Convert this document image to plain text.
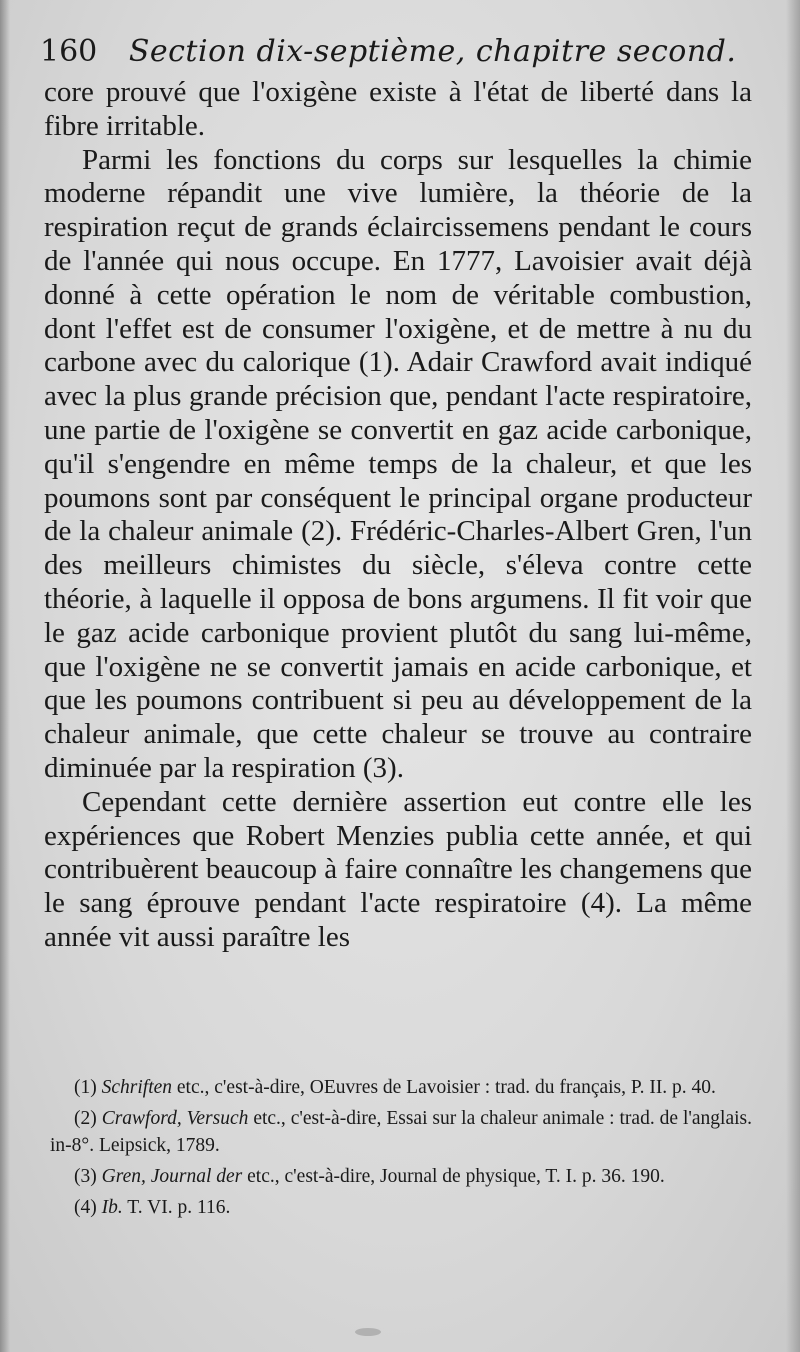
160 Section dix-septième, chapitre second.

core prouvé que l'oxigène existe à l'état de liberté dans la fibre irritable.

Parmi les fonctions du corps sur lesquelles la chimie moderne répandit une vive lumière, la théorie de la respiration reçut de grands éclaircissemens pendant le cours de l'année qui nous occupe. En 1777, Lavoisier avait déjà donné à cette opération le nom de véritable combustion, dont l'effet est de consumer l'oxigène, et de mettre à nu du carbone avec du calorique (1). Adair Crawford avait indiqué avec la plus grande précision que, pendant l'acte respiratoire, une partie de l'oxigène se convertit en gaz acide carbonique, qu'il s'engendre en même temps de la chaleur, et que les poumons sont par conséquent le principal organe producteur de la chaleur animale (2). Frédéric-Charles-Albert Gren, l'un des meilleurs chimistes du siècle, s'éleva contre cette théorie, à laquelle il opposa de bons argumens. Il fit voir que le gaz acide carbonique provient plutôt du sang lui-même, que l'oxigène ne se convertit jamais en acide carbonique, et que les poumons contribuent si peu au développement de la chaleur animale, que cette chaleur se trouve au contraire diminuée par la respiration (3).

Cependant cette dernière assertion eut contre elle les expériences que Robert Menzies publia cette année, et qui contribuèrent beaucoup à faire connaître les changemens que le sang éprouve pendant l'acte respiratoire (4). La même année vit aussi paraître les

(1) Schriften etc., c'est-à-dire, OEuvres de Lavoisier : trad. du français, P. II. p. 40.

(2) Crawford, Versuch etc., c'est-à-dire, Essai sur la chaleur animale : trad. de l'anglais. in-8°. Leipsick, 1789.

(3) Gren, Journal der etc., c'est-à-dire, Journal de physique, T. I. p. 36. 190.

(4) Ib. T. VI. p. 116.
